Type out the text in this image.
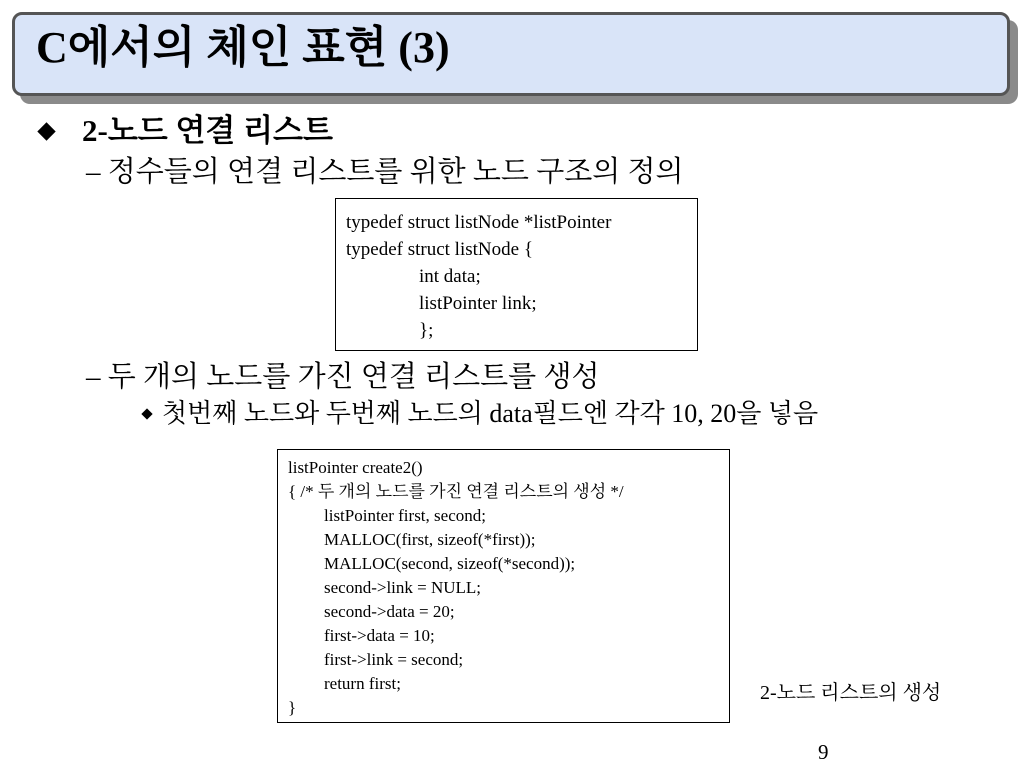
C에서의 체인 표현 (3)
2-노드 연결 리스트
– 정수들의 연결 리스트를 위한 노드 구조의 정의
typedef struct listNode *listPointer
typedef struct listNode {
int data;
listPointer link;
};
– 두 개의 노드를 가진 연결 리스트를 생성
첫번째 노드와 두번째 노드의 data필드엔 각각 10, 20을 넣음
listPointer create2()
{ /* 두 개의 노드를 가진 연결 리스트의 생성 */
listPointer first, second;
MALLOC(first, sizeof(*first));
MALLOC(second, sizeof(*second));
second->link = NULL;
second->data = 20;
first->data = 10;
first->link = second;
return first;
}
2-노드 리스트의 생성
9
